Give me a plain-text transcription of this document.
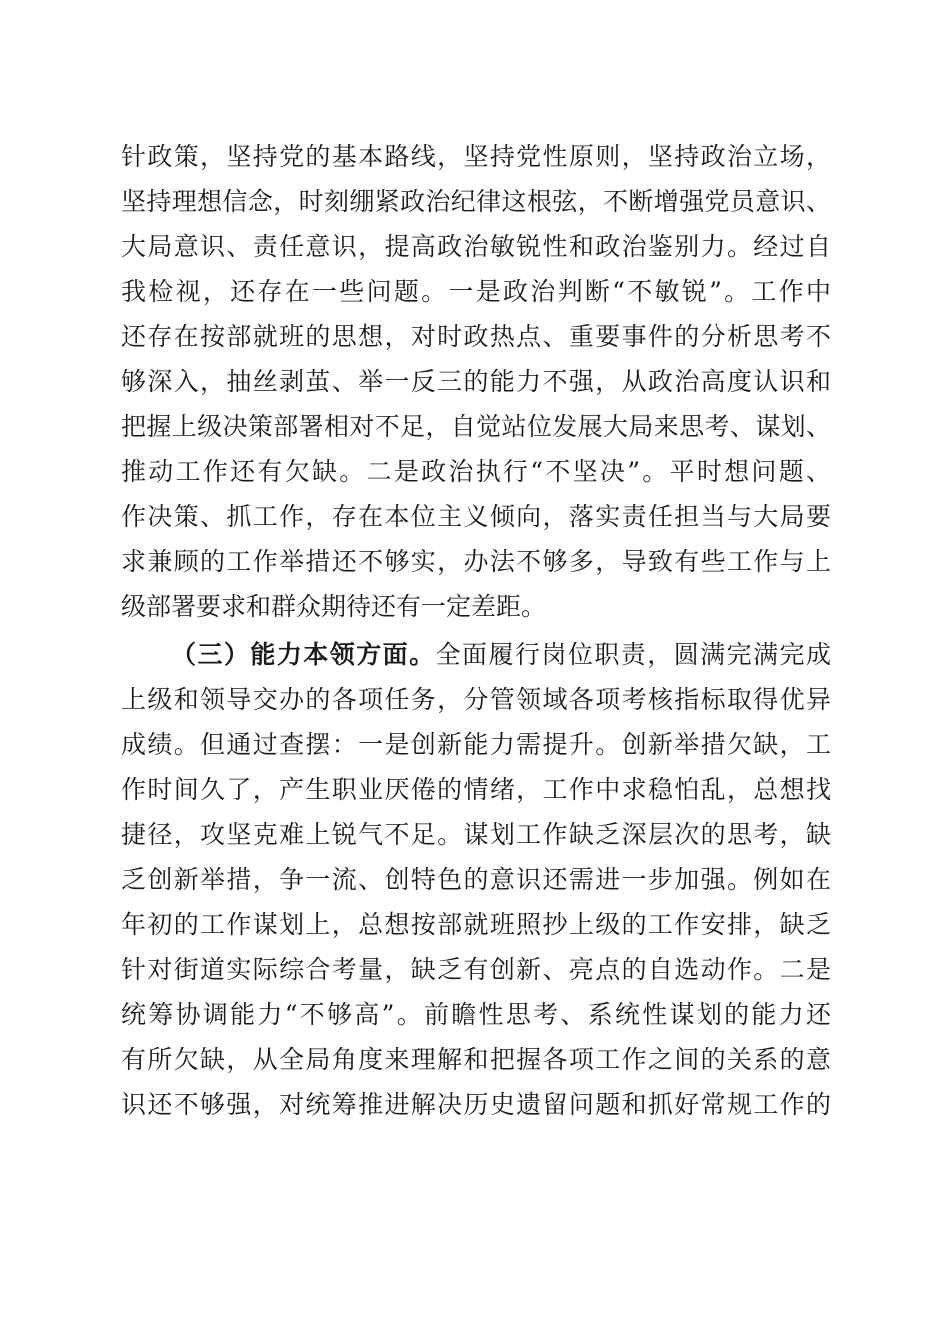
针政策，坚持党的基本路线，坚持党性原则，坚持政治立场，
坚持理想信念，时刻绷紧政治纪律这根弦，不断增强党员意识、
大局意识、责任意识，提高政治敏锐性和政治鉴别力。经过自
我检视，还存在一些问题。一是政治判断“不敏锐”。工作中
还存在按部就班的思想，对时政热点、重要事件的分析思考不
够深入，抽丝剥茧、举一反三的能力不强，从政治高度认识和
把握上级决策部署相对不足，自觉站位发展大局来思考、谋划、
推动工作还有欠缺。二是政治执行“不坚决”。平时想问题、
作决策、抓工作，存在本位主义倾向，落实责任担当与大局要
求兼顾的工作举措还不够实，办法不够多，导致有些工作与上
级部署要求和群众期待还有一定差距。
（三）能力本领方面。全面履行岗位职责，圆满完满完成
上级和领导交办的各项任务，分管领域各项考核指标取得优异
成绩。但通过查摆：一是创新能力需提升。创新举措欠缺，工
作时间久了，产生职业厌倦的情绪，工作中求稳怕乱，总想找
捷径，攻坚克难上锐气不足。谋划工作缺乏深层次的思考，缺
乏创新举措，争一流、创特色的意识还需进一步加强。例如在
年初的工作谋划上，总想按部就班照抄上级的工作安排，缺乏
针对街道实际综合考量，缺乏有创新、亮点的自选动作。二是
统筹协调能力“不够高”。前瞻性思考、系统性谋划的能力还
有所欠缺，从全局角度来理解和把握各项工作之间的关系的意
识还不够强，对统筹推进解决历史遗留问题和抓好常规工作的
